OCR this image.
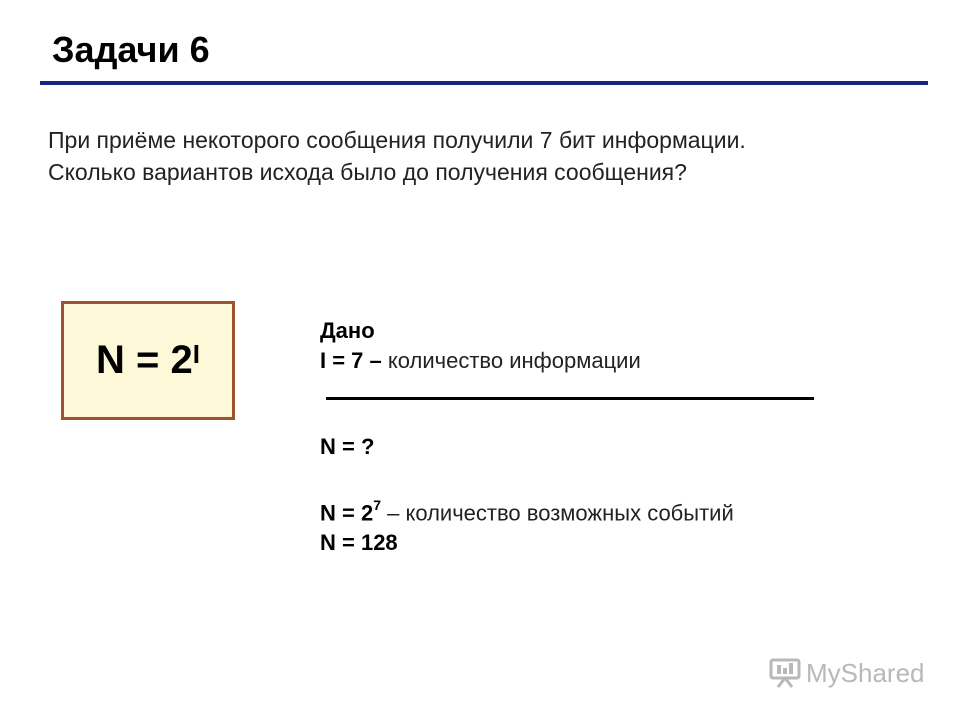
Задачи 6
При приёме некоторого сообщения получили 7 бит информации.
Сколько вариантов исхода было до получения сообщения?
$N = 2^I$
Дано
I = 7 – количество информации
N = ?
$N = 2^7$ – количество возможных событий
N = 128
MyShared
